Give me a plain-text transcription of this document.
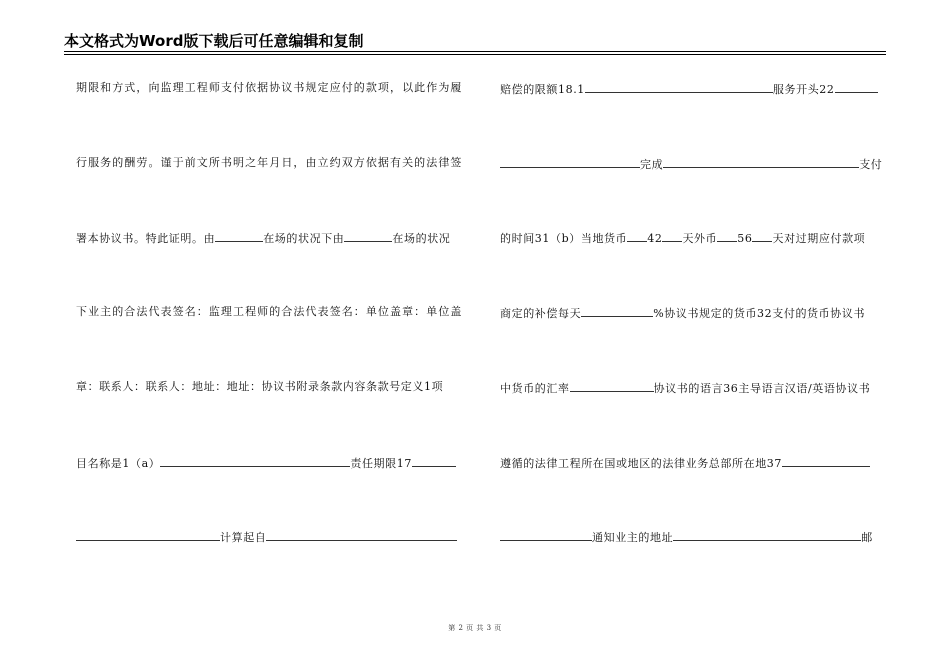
本文格式为Word版下载后可任意编辑和复制
期限和方式，向监理工程师支付依据协议书规定应付的款项，以此作为履
行服务的酬劳。谨于前文所书明之年月日，由立约双方依据有关的法律签
署本协议书。特此证明。由	在场的状况下由	在场的状况
下业主的合法代表签名：监理工程师的合法代表签名：单位盖章：单位盖
章：联系人：联系人：地址：地址：协议书附录条款内容条款号定义1项
目名称是1（a）	责任期限17
计算起自
赔偿的限额18.1	服务开头22
完成	支付
的时间31（b）当地货币 42 天外币 56 天对过期应付款项
商定的补偿每天	%协议书规定的货币32支付的货币协议书
中货币的汇率	协议书的语言36主导语言汉语/英语协议书
遵循的法律工程所在国或地区的法律业务总部所在地37
通知业主的地址	邮
第 2 页 共 3 页
